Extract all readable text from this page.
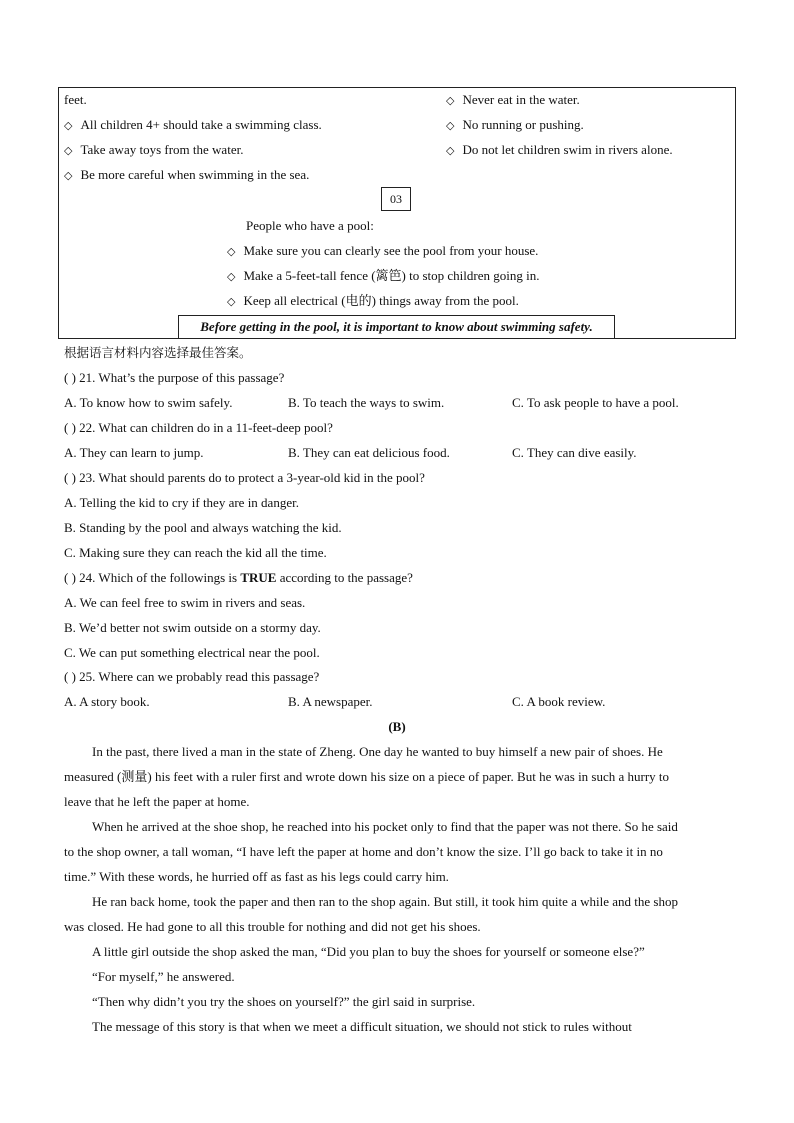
feet.
◇ All children 4+ should take a swimming class.
◇ Take away toys from the water.
◇ Be more careful when swimming in the sea.
◇ Never eat in the water.
◇ No running or pushing.
◇ Do not let children swim in rivers alone.
03
People who have a pool:
◇ Make sure you can clearly see the pool from your house.
◇ Make a 5-feet-tall fence (篱笆) to stop children going in.
◇ Keep all electrical (电的) things away from the pool.
Before getting in the pool, it is important to know about swimming safety.
根据语言材料内容选择最佳答案。
( ) 21. What’s the purpose of this passage?
A. To know how to swim safely.	B. To teach the ways to swim.	C. To ask people to have a pool.
( ) 22. What can children do in a 11-feet-deep pool?
A. They can learn to jump.	B. They can eat delicious food.	C. They can dive easily.
( ) 23. What should parents do to protect a 3-year-old kid in the pool?
A. Telling the kid to cry if they are in danger.
B. Standing by the pool and always watching the kid.
C. Making sure they can reach the kid all the time.
( ) 24. Which of the followings is TRUE according to the passage?
A. We can feel free to swim in rivers and seas.
B. We’d better not swim outside on a stormy day.
C. We can put something electrical near the pool.
( ) 25. Where can we probably read this passage?
A. A story book.	B. A newspaper.	C. A book review.
(B)
In the past, there lived a man in the state of Zheng. One day he wanted to buy himself a new pair of shoes. He
measured (测量) his feet with a ruler first and wrote down his size on a piece of paper. But he was in such a hurry to
leave that he left the paper at home.
When he arrived at the shoe shop, he reached into his pocket only to find that the paper was not there. So he said
to the shop owner, a tall woman, “I have left the paper at home and don’t know the size. I’ll go back to take it in no
time.” With these words, he hurried off as fast as his legs could carry him.
He ran back home, took the paper and then ran to the shop again. But still, it took him quite a while and the shop
was closed. He had gone to all this trouble for nothing and did not get his shoes.
A little girl outside the shop asked the man, “Did you plan to buy the shoes for yourself or someone else?”
“For myself,” he answered.
“Then why didn’t you try the shoes on yourself?” the girl said in surprise.
The message of this story is that when we meet a difficult situation, we should not stick to rules without
